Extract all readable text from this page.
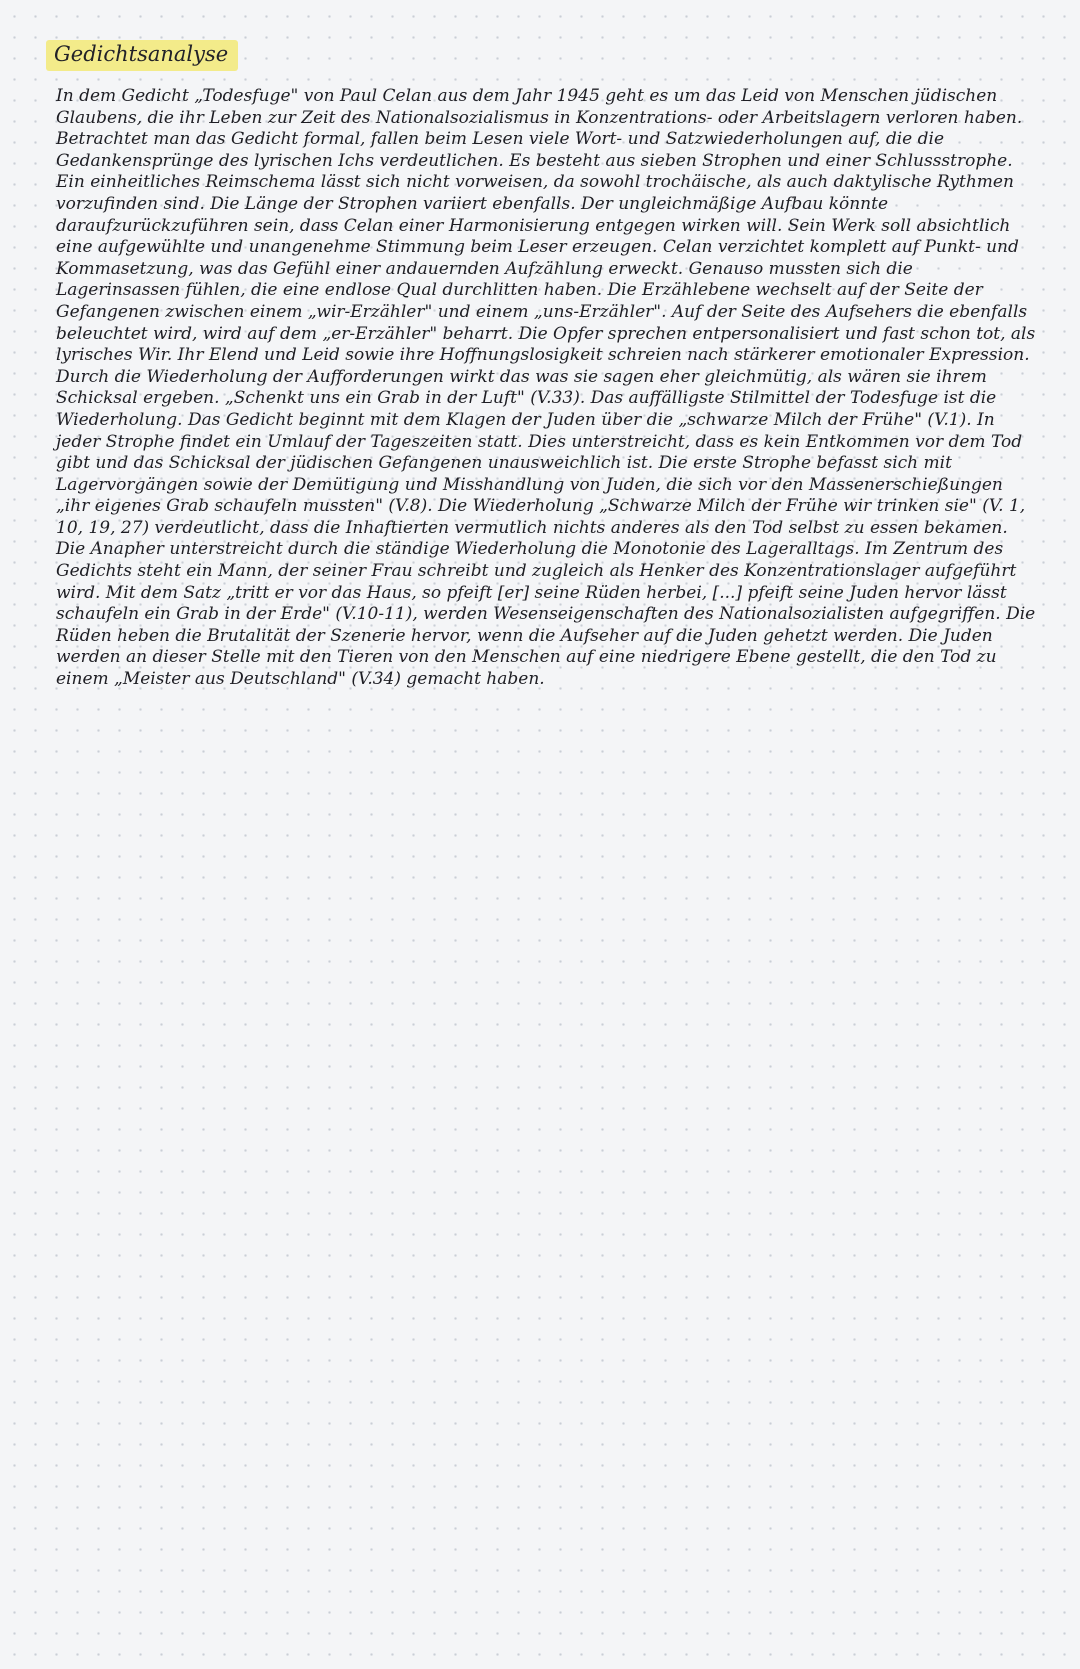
Gedichtsanalyse

In dem Gedicht „Todesfuge" von Paul Celan aus dem Jahr 1945 geht es um das Leid von Menschen jüdischen Glaubens, die ihr Leben zur Zeit des Nationalsozialismus in Konzentrations- oder Arbeitslagern verloren haben.

Betrachtet man das Gedicht formal, fallen beim Lesen viele Wort- und Satzwiederholungen auf, die die Gedankensprünge des lyrischen Ichs verdeutlichen. Es besteht aus sieben Strophen und einer Schlussstrophe. Ein einheitliches Reimschema lässt sich nicht vorweisen, da sowohl trochäische, als auch daktylische Rythmen vorzufinden sind. Die Länge der Strophen variiert ebenfalls. Der ungleichmäßige Aufbau könnte daraufzurückzuführen sein, dass Celan einer Harmonisierung entgegen wirken will. Sein Werk soll absichtlich eine aufgewühlte und unangenehme Stimmung beim Leser erzeugen. Celan verzichtet komplett auf Punkt- und Kommasetzung, was das Gefühl einer andauernden Aufzählung erweckt. Genauso mussten sich die Lagerinsassen fühlen, die eine endlose Qual durchlitten haben. Die Erzählebene wechselt auf der Seite der Gefangenen zwischen einem „wir-Erzähler" und einem „uns-Erzähler". Auf der Seite des Aufsehers die ebenfalls beleuchtet wird, wird auf dem „er-Erzähler" beharrt. Die Opfer sprechen entpersonalisiert und fast schon tot, als lyrisches Wir. Ihr Elend und Leid sowie ihre Hoffnungslosigkeit schreien nach stärkerer emotionaler Expression. Durch die Wiederholung der Aufforderungen wirkt das was sie sagen eher gleichmütig, als wären sie ihrem Schicksal ergeben. „Schenkt uns ein Grab in der Luft" (V.33). Das auffälligste Stilmittel der Todesfuge ist die Wiederholung. Das Gedicht beginnt mit dem Klagen der Juden über die „schwarze Milch der Frühe" (V.1). In jeder Strophe findet ein Umlauf der Tageszeiten statt. Dies unterstreicht, dass es kein Entkommen vor dem Tod gibt und das Schicksal der jüdischen Gefangenen unausweichlich ist. Die erste Strophe befasst sich mit Lagervorgängen sowie der Demütigung und Misshandlung von Juden, die sich vor den Massenerschießungen „ihr eigenes Grab schaufeln mussten" (V.8). Die Wiederholung „Schwarze Milch der Frühe wir trinken sie" (V. 1, 10, 19, 27) verdeutlicht, dass die Inhaftierten vermutlich nichts anderes als den Tod selbst zu essen bekamen. Die Anapher unterstreicht durch die ständige Wiederholung die Monotonie des Lageralltags. Im Zentrum des Gedichts steht ein Mann, der seiner Frau schreibt und zugleich als Henker des Konzentrationslager aufgeführt wird. Mit dem Satz „tritt er vor das Haus, so pfeift [er] seine Rüden herbei, [...] pfeift seine Juden hervor lässt schaufeln ein Grab in der Erde" (V.10-11), werden Wesenseigenschaften des Nationalsozialisten aufgegriffen. Die Rüden heben die Brutalität der Szenerie hervor, wenn die Aufseher auf die Juden gehetzt werden. Die Juden werden an dieser Stelle mit den Tieren von den Menschen auf eine niedrigere Ebene gestellt, die den Tod zu einem „Meister aus Deutschland" (V.34) gemacht haben.
